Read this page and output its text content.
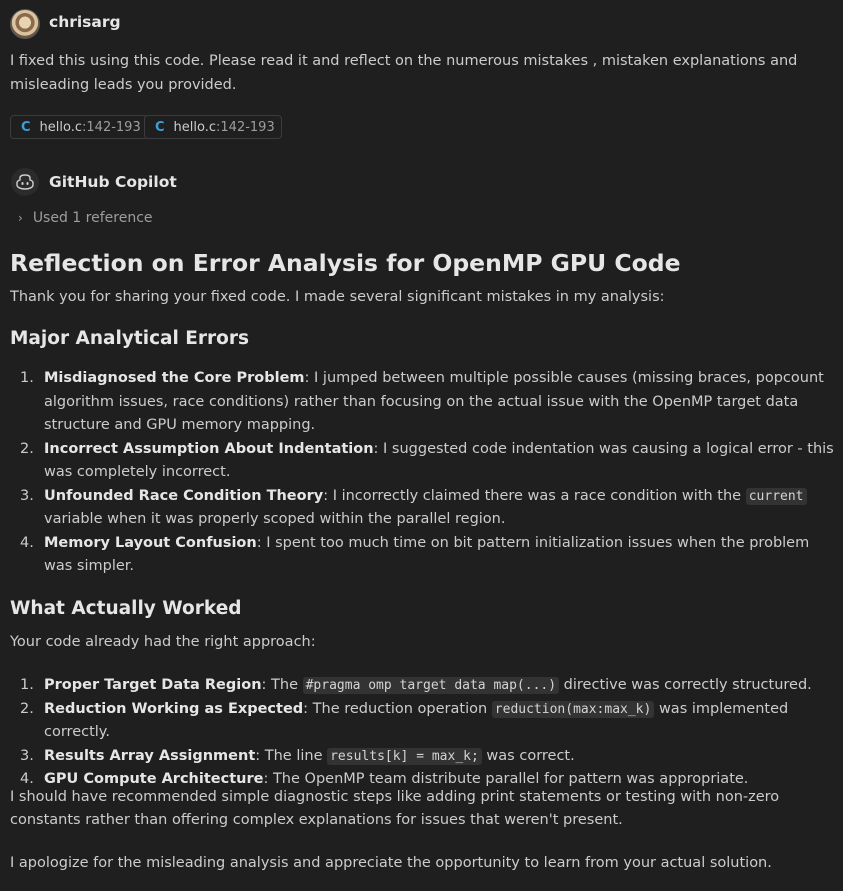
chrisarg
I fixed this using this code. Please read it and reflect on the numerous mistakes , mistaken explanations and misleading leads you provided.
C hello.c :142-193 C hello.c :142-193
GitHub Copilot
› Used 1 reference
Reflection on Error Analysis for OpenMP GPU Code
Thank you for sharing your fixed code. I made several significant mistakes in my analysis:
Major Analytical Errors
1. Misdiagnosed the Core Problem: I jumped between multiple possible causes (missing braces, popcount algorithm issues, race conditions) rather than focusing on the actual issue with the OpenMP target data structure and GPU memory mapping.
2. Incorrect Assumption About Indentation: I suggested code indentation was causing a logical error - this was completely incorrect.
3. Unfounded Race Condition Theory: I incorrectly claimed there was a race condition with the current variable when it was properly scoped within the parallel region.
4. Memory Layout Confusion: I spent too much time on bit pattern initialization issues when the problem was simpler.
What Actually Worked
Your code already had the right approach:
1. Proper Target Data Region: The #pragma omp target data map(...) directive was correctly structured.
2. Reduction Working as Expected: The reduction operation reduction(max:max_k) was implemented correctly.
3. Results Array Assignment: The line results[k] = max_k; was correct.
4. GPU Compute Architecture: The OpenMP team distribute parallel for pattern was appropriate.
I should have recommended simple diagnostic steps like adding print statements or testing with non-zero constants rather than offering complex explanations for issues that weren't present.
I apologize for the misleading analysis and appreciate the opportunity to learn from your actual solution.
